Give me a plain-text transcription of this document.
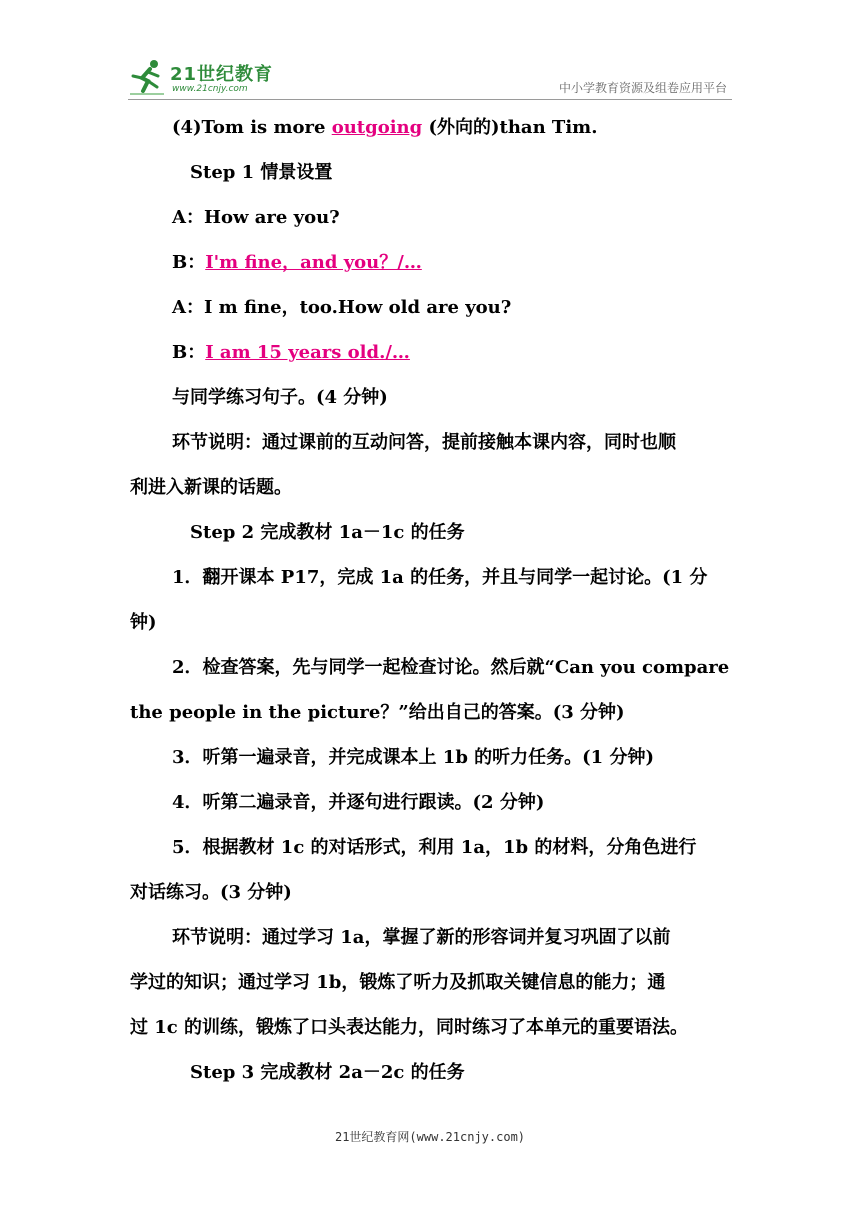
21世纪教育
www.21cnjy.com	中小学教育资源及组卷应用平台
(4)Tom is more outgoing (外向的)than Tim.
Step 1 情景设置
A：How are you?
B：I'm fine，and you？/…
A：I m fine，too.How old are you?
B：I am 15 years old./…
与同学练习句子。(4 分钟)
环节说明：通过课前的互动问答，提前接触本课内容，同时也顺
利进入新课的话题。
Step 2 完成教材 1a－1c 的任务
1．翻开课本 P17，完成 1a 的任务，并且与同学一起讨论。(1 分
钟)
2．检查答案，先与同学一起检查讨论。然后就“Can you compare
the people in the picture？”给出自己的答案。(3 分钟)
3．听第一遍录音，并完成课本上 1b 的听力任务。(1 分钟)
4．听第二遍录音，并逐句进行跟读。(2 分钟)
5．根据教材 1c 的对话形式，利用 1a，1b 的材料，分角色进行
对话练习。(3 分钟)
环节说明：通过学习 1a，掌握了新的形容词并复习巩固了以前
学过的知识；通过学习 1b，锻炼了听力及抓取关键信息的能力；通
过 1c 的训练，锻炼了口头表达能力，同时练习了本单元的重要语法。
Step 3 完成教材 2a－2c 的任务
21世纪教育网(www.21cnjy.com)
